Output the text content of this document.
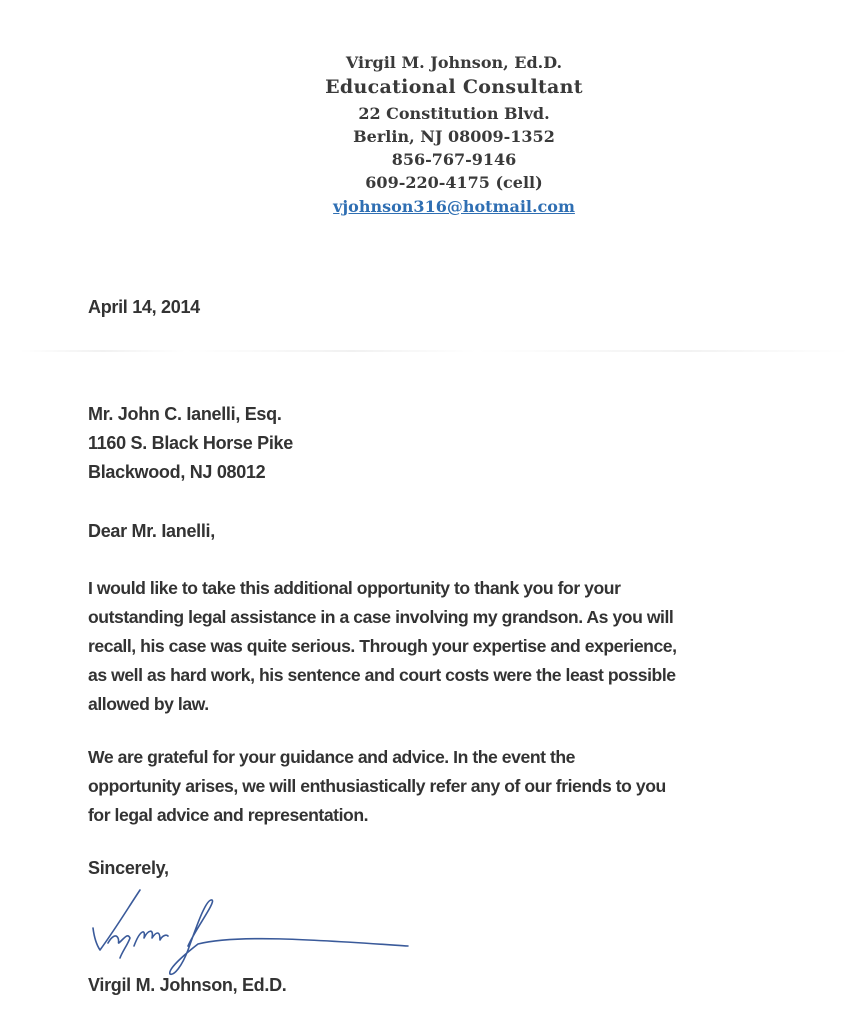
Virgil M. Johnson, Ed.D.
Educational Consultant
22 Constitution Blvd.
Berlin, NJ 08009-1352
856-767-9146
609-220-4175 (cell)
vjohnson316@hotmail.com
April 14, 2014
Mr. John C. Ianelli, Esq.
1160 S. Black Horse Pike
Blackwood, NJ 08012
Dear Mr. Ianelli,
I would like to take this additional opportunity to thank you for your
outstanding legal assistance in a case involving my grandson. As you will
recall, his case was quite serious. Through your expertise and experience,
as well as hard work, his sentence and court costs were the least possible
allowed by law.
We are grateful for your guidance and advice. In the event the
opportunity arises, we will enthusiastically refer any of our friends to you
for legal advice and representation.
Sincerely,
Virgil M. Johnson, Ed.D.
